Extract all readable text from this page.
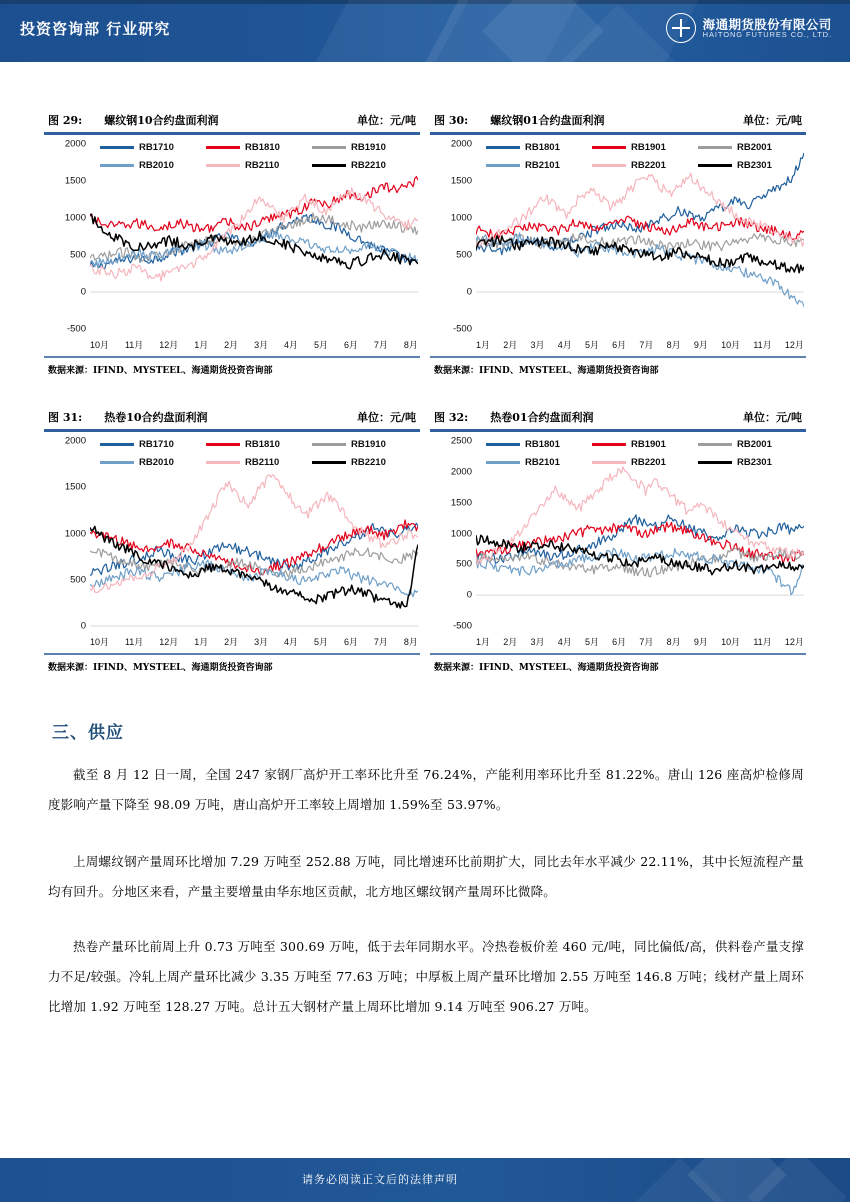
投资咨询部 行业研究	海通期货股份有限公司
HAITONG FUTURES CO., LTD.
图 29: 螺纹钢10合约盘面利润	单位：元/吨
RB1710	RB1810	RB1910
RB2010	RB2110	RB2210
-500
0
500
1000
1500
2000
10月 11月 12月 1月 2月 3月 4月 5月 6月 7月 8月
数据来源：IFIND、MYSTEEL、海通期货投资咨询部
图 30: 螺纹钢01合约盘面利润	单位：元/吨
RB1801	RB1901	RB2001
RB2101	RB2201	RB2301
-500
0
500
1000
1500
2000
1月 2月 3月 4月 5月 6月 7月 8月 9月 10月 11月 12月
数据来源：IFIND、MYSTEEL、海通期货投资咨询部
图 31: 热卷10合约盘面利润	单位：元/吨
RB1710	RB1810	RB1910
RB2010	RB2110	RB2210
0
500
1000
1500
2000
10月 11月 12月 1月 2月 3月 4月 5月 6月 7月 8月
数据来源：IFIND、MYSTEEL、海通期货投资咨询部
图 32: 热卷01合约盘面利润	单位：元/吨
RB1801	RB1901	RB2001
RB2101	RB2201	RB2301
-500
0
500
1000
1500
2000
2500
1月 2月 3月 4月 5月 6月 7月 8月 9月 10月 11月 12月
数据来源：IFIND、MYSTEEL、海通期货投资咨询部
三、供应
截至 8 月 12 日一周，全国 247 家钢厂高炉开工率环比升至 76.24%，产能利用率环比升至 81.22%。唐山 126 座高炉检修周度影响产量下降至 98.09 万吨，唐山高炉开工率较上周增加 1.59%至 53.97%。
上周螺纹钢产量周环比增加 7.29 万吨至 252.88 万吨，同比增速环比前期扩大，同比去年水平减少 22.11%，其中长短流程产量均有回升。分地区来看，产量主要增量由华东地区贡献，北方地区螺纹钢产量周环比微降。
热卷产量环比前周上升 0.73 万吨至 300.69 万吨，低于去年同期水平。冷热卷板价差 460 元/吨，同比偏低/高，供料卷产量支撑力不足/较强。冷轧上周产量环比减少 3.35 万吨至 77.63 万吨；中厚板上周产量环比增加 2.55 万吨至 146.8 万吨；线材产量上周环比增加 1.92 万吨至 128.27 万吨。总计五大钢材产量上周环比增加 9.14 万吨至 906.27 万吨。
请务必阅读正文后的法律声明
